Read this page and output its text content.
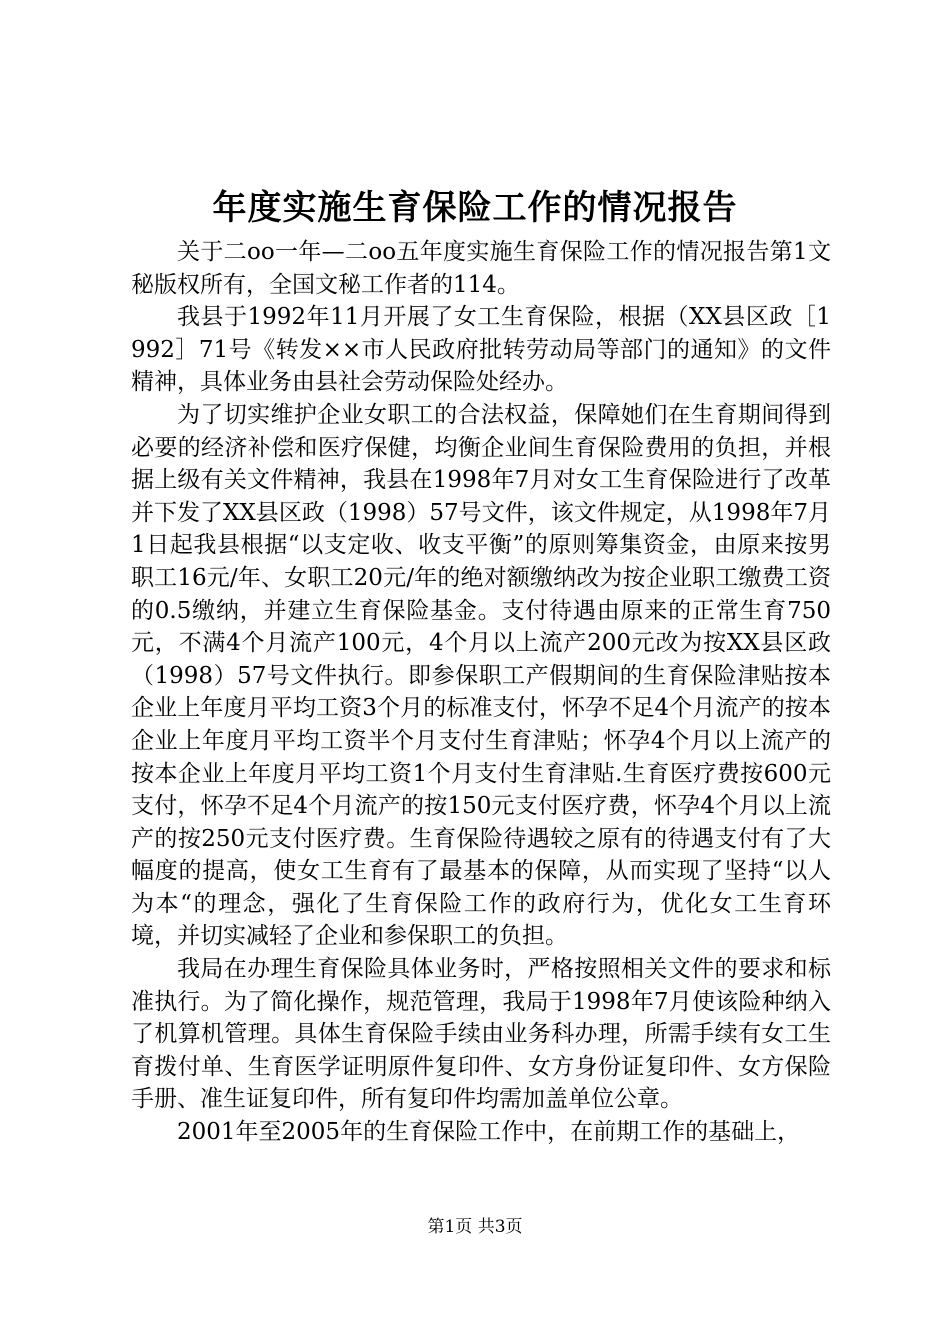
年度实施生育保险工作的情况报告

关于二oo一年—二oo五年度实施生育保险工作的情况报告第1文秘版权所有，全国文秘工作者的114。

我县于1992年11月开展了女工生育保险，根据（XX县区政［1992］71号《转发××市人民政府批转劳动局等部门的通知》的文件精神，具体业务由县社会劳动保险处经办。

为了切实维护企业女职工的合法权益，保障她们在生育期间得到必要的经济补偿和医疗保健，均衡企业间生育保险费用的负担，并根据上级有关文件精神，我县在1998年7月对女工生育保险进行了改革并下发了XX县区政（1998）57号文件，该文件规定，从1998年7月1日起我县根据“以支定收、收支平衡”的原则筹集资金，由原来按男职工16元/年、女职工20元/年的绝对额缴纳改为按企业职工缴费工资的0.5缴纳，并建立生育保险基金。支付待遇由原来的正常生育750元，不满4个月流产100元，4个月以上流产200元改为按XX县区政（1998）57号文件执行。即参保职工产假期间的生育保险津贴按本企业上年度月平均工资3个月的标准支付，怀孕不足4个月流产的按本企业上年度月平均工资半个月支付生育津贴；怀孕4个月以上流产的按本企业上年度月平均工资1个月支付生育津贴.生育医疗费按600元支付，怀孕不足4个月流产的按150元支付医疗费，怀孕4个月以上流产的按250元支付医疗费。生育保险待遇较之原有的待遇支付有了大幅度的提高，使女工生育有了最基本的保障，从而实现了坚持“以人为本“的理念，强化了生育保险工作的政府行为，优化女工生育环境，并切实减轻了企业和参保职工的负担。

我局在办理生育保险具体业务时，严格按照相关文件的要求和标准执行。为了简化操作，规范管理，我局于1998年7月使该险种纳入了机算机管理。具体生育保险手续由业务科办理，所需手续有女工生育拨付单、生育医学证明原件复印件、女方身份证复印件、女方保险手册、准生证复印件，所有复印件均需加盖单位公章。

2001年至2005年的生育保险工作中，在前期工作的基础上，

第1页 共3页
